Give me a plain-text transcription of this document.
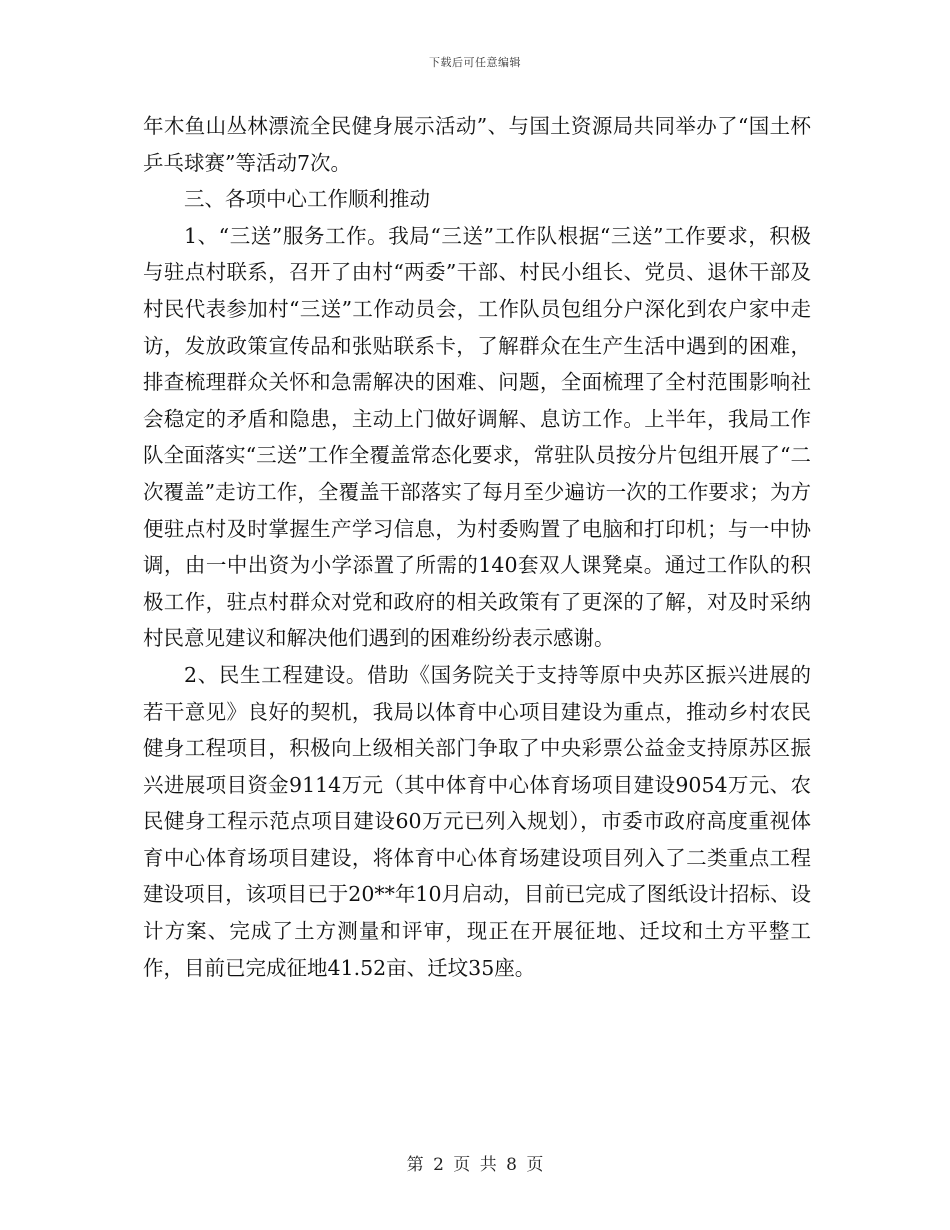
下载后可任意编辑

年木鱼山丛林漂流全民健身展示活动”、与国土资源局共同举办了“国土杯乒乓球赛”等活动7次。

三、各项中心工作顺利推动

1、“三送”服务工作。我局“三送”工作队根据“三送”工作要求，积极与驻点村联系，召开了由村“两委”干部、村民小组长、党员、退休干部及村民代表参加村“三送”工作动员会，工作队员包组分户深化到农户家中走访，发放政策宣传品和张贴联系卡，了解群众在生产生活中遇到的困难，排查梳理群众关怀和急需解决的困难、问题，全面梳理了全村范围影响社会稳定的矛盾和隐患，主动上门做好调解、息访工作。上半年，我局工作队全面落实“三送”工作全覆盖常态化要求，常驻队员按分片包组开展了“二次覆盖”走访工作，全覆盖干部落实了每月至少遍访一次的工作要求；为方便驻点村及时掌握生产学习信息，为村委购置了电脑和打印机；与一中协调，由一中出资为小学添置了所需的140套双人课凳桌。通过工作队的积极工作，驻点村群众对党和政府的相关政策有了更深的了解，对及时采纳村民意见建议和解决他们遇到的困难纷纷表示感谢。

2、民生工程建设。借助《国务院关于支持等原中央苏区振兴进展的若干意见》良好的契机，我局以体育中心项目建设为重点，推动乡村农民健身工程项目，积极向上级相关部门争取了中央彩票公益金支持原苏区振兴进展项目资金9114万元（其中体育中心体育场项目建设9054万元、农民健身工程示范点项目建设60万元已列入规划），市委市政府高度重视体育中心体育场项目建设，将体育中心体育场建设项目列入了二类重点工程建设项目，该项目已于20**年10月启动，目前已完成了图纸设计招标、设计方案、完成了土方测量和评审，现正在开展征地、迁坟和土方平整工作，目前已完成征地41.52亩、迁坟35座。

第 2 页 共 8 页
